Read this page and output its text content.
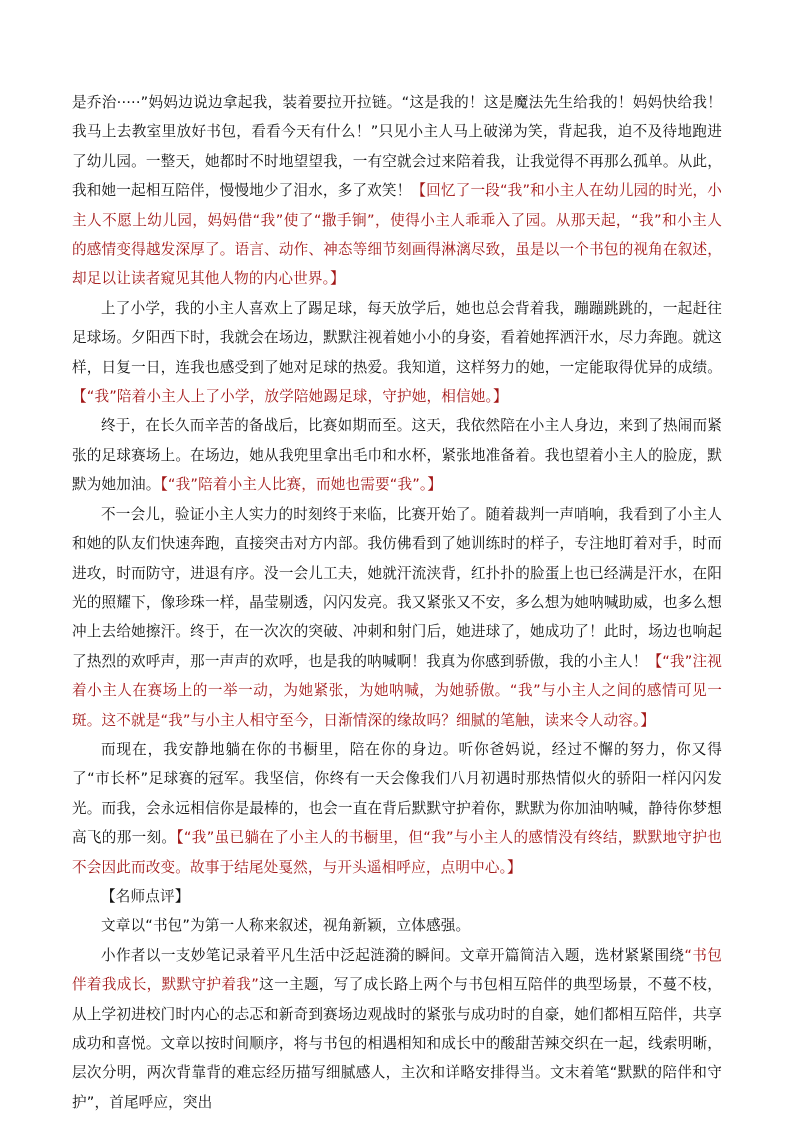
是乔治·····”妈妈边说边拿起我，装着要拉开拉链。“这是我的！这是魔法先生给我的！妈妈快给我！我马上去教室里放好书包，看看今天有什么！”只见小主人马上破涕为笑，背起我，迫不及待地跑进了幼儿园。一整天，她都时不时地望望我，一有空就会过来陪着我，让我觉得不再那么孤单。从此，我和她一起相互陪伴，慢慢地少了泪水，多了欢笑！【回忆了一段“我”和小主人在幼儿园的时光，小主人不愿上幼儿园，妈妈借“我”使了“撒手锏”，使得小主人乖乖入了园。从那天起，“我”和小主人的感情变得越发深厚了。语言、动作、神态等细节刻画得淋漓尽致，虽是以一个书包的视角在叙述，却足以让读者窥见其他人物的内心世界。】

上了小学，我的小主人喜欢上了踢足球，每天放学后，她也总会背着我，蹦蹦跳跳的，一起赶往足球场。夕阳西下时，我就会在场边，默默注视着她小小的身姿，看着她挥洒汗水，尽力奔跑。就这样，日复一日，连我也感受到了她对足球的热爱。我知道，这样努力的她，一定能取得优异的成绩。【“我”陪着小主人上了小学，放学陪她踢足球，守护她，相信她。】

终于，在长久而辛苦的备战后，比赛如期而至。这天，我依然陪在小主人身边，来到了热闹而紧张的足球赛场上。在场边，她从我兜里拿出毛巾和水杯，紧张地准备着。我也望着小主人的脸庞，默默为她加油。【“我”陪着小主人比赛，而她也需要“我”。】

不一会儿，验证小主人实力的时刻终于来临，比赛开始了。随着裁判一声哨响，我看到了小主人和她的队友们快速奔跑，直接突击对方内部。我仿佛看到了她训练时的样子，专注地盯着对手，时而进攻，时而防守，进退有序。没一会儿工夫，她就汗流浃背，红扑扑的脸蛋上也已经满是汗水，在阳光的照耀下，像珍珠一样，晶莹剔透，闪闪发亮。我又紧张又不安，多么想为她呐喊助威，也多么想冲上去给她擦汗。终于，在一次次的突破、冲刺和射门后，她进球了，她成功了！此时，场边也响起了热烈的欢呼声，那一声声的欢呼，也是我的呐喊啊！我真为你感到骄傲，我的小主人！【“我”注视着小主人在赛场上的一举一动，为她紧张，为她呐喊，为她骄傲。“我”与小主人之间的感情可见一斑。这不就是“我”与小主人相守至今，日渐情深的缘故吗？细腻的笔触，读来令人动容。】

而现在，我安静地躺在你的书橱里，陪在你的身边。听你爸妈说，经过不懈的努力，你又得了“市长杯”足球赛的冠军。我坚信，你终有一天会像我们八月初遇时那热情似火的骄阳一样闪闪发光。而我，会永远相信你是最棒的，也会一直在背后默默守护着你，默默为你加油呐喊，静待你梦想高飞的那一刻。【“我”虽已躺在了小主人的书橱里，但“我”与小主人的感情没有终结，默默地守护也不会因此而改变。故事于结尾处戛然，与开头遥相呼应，点明中心。】

【名师点评】

文章以“书包”为第一人称来叙述，视角新颖，立体感强。

小作者以一支妙笔记录着平凡生活中泛起涟漪的瞬间。文章开篇简洁入题，选材紧紧围绕“书包伴着我成长，默默守护着我”这一主题，写了成长路上两个与书包相互陪伴的典型场景，不蔓不枝，从上学初进校门时内心的忐忑和新奇到赛场边观战时的紧张与成功时的自豪，她们都相互陪伴，共享成功和喜悦。文章以按时间顺序，将与书包的相遇相知和成长中的酸甜苦辣交织在一起，线索明晰，层次分明，两次背靠背的难忘经历描写细腻感人，主次和详略安排得当。文末着笔“默默的陪伴和守护”，首尾呼应，突出
